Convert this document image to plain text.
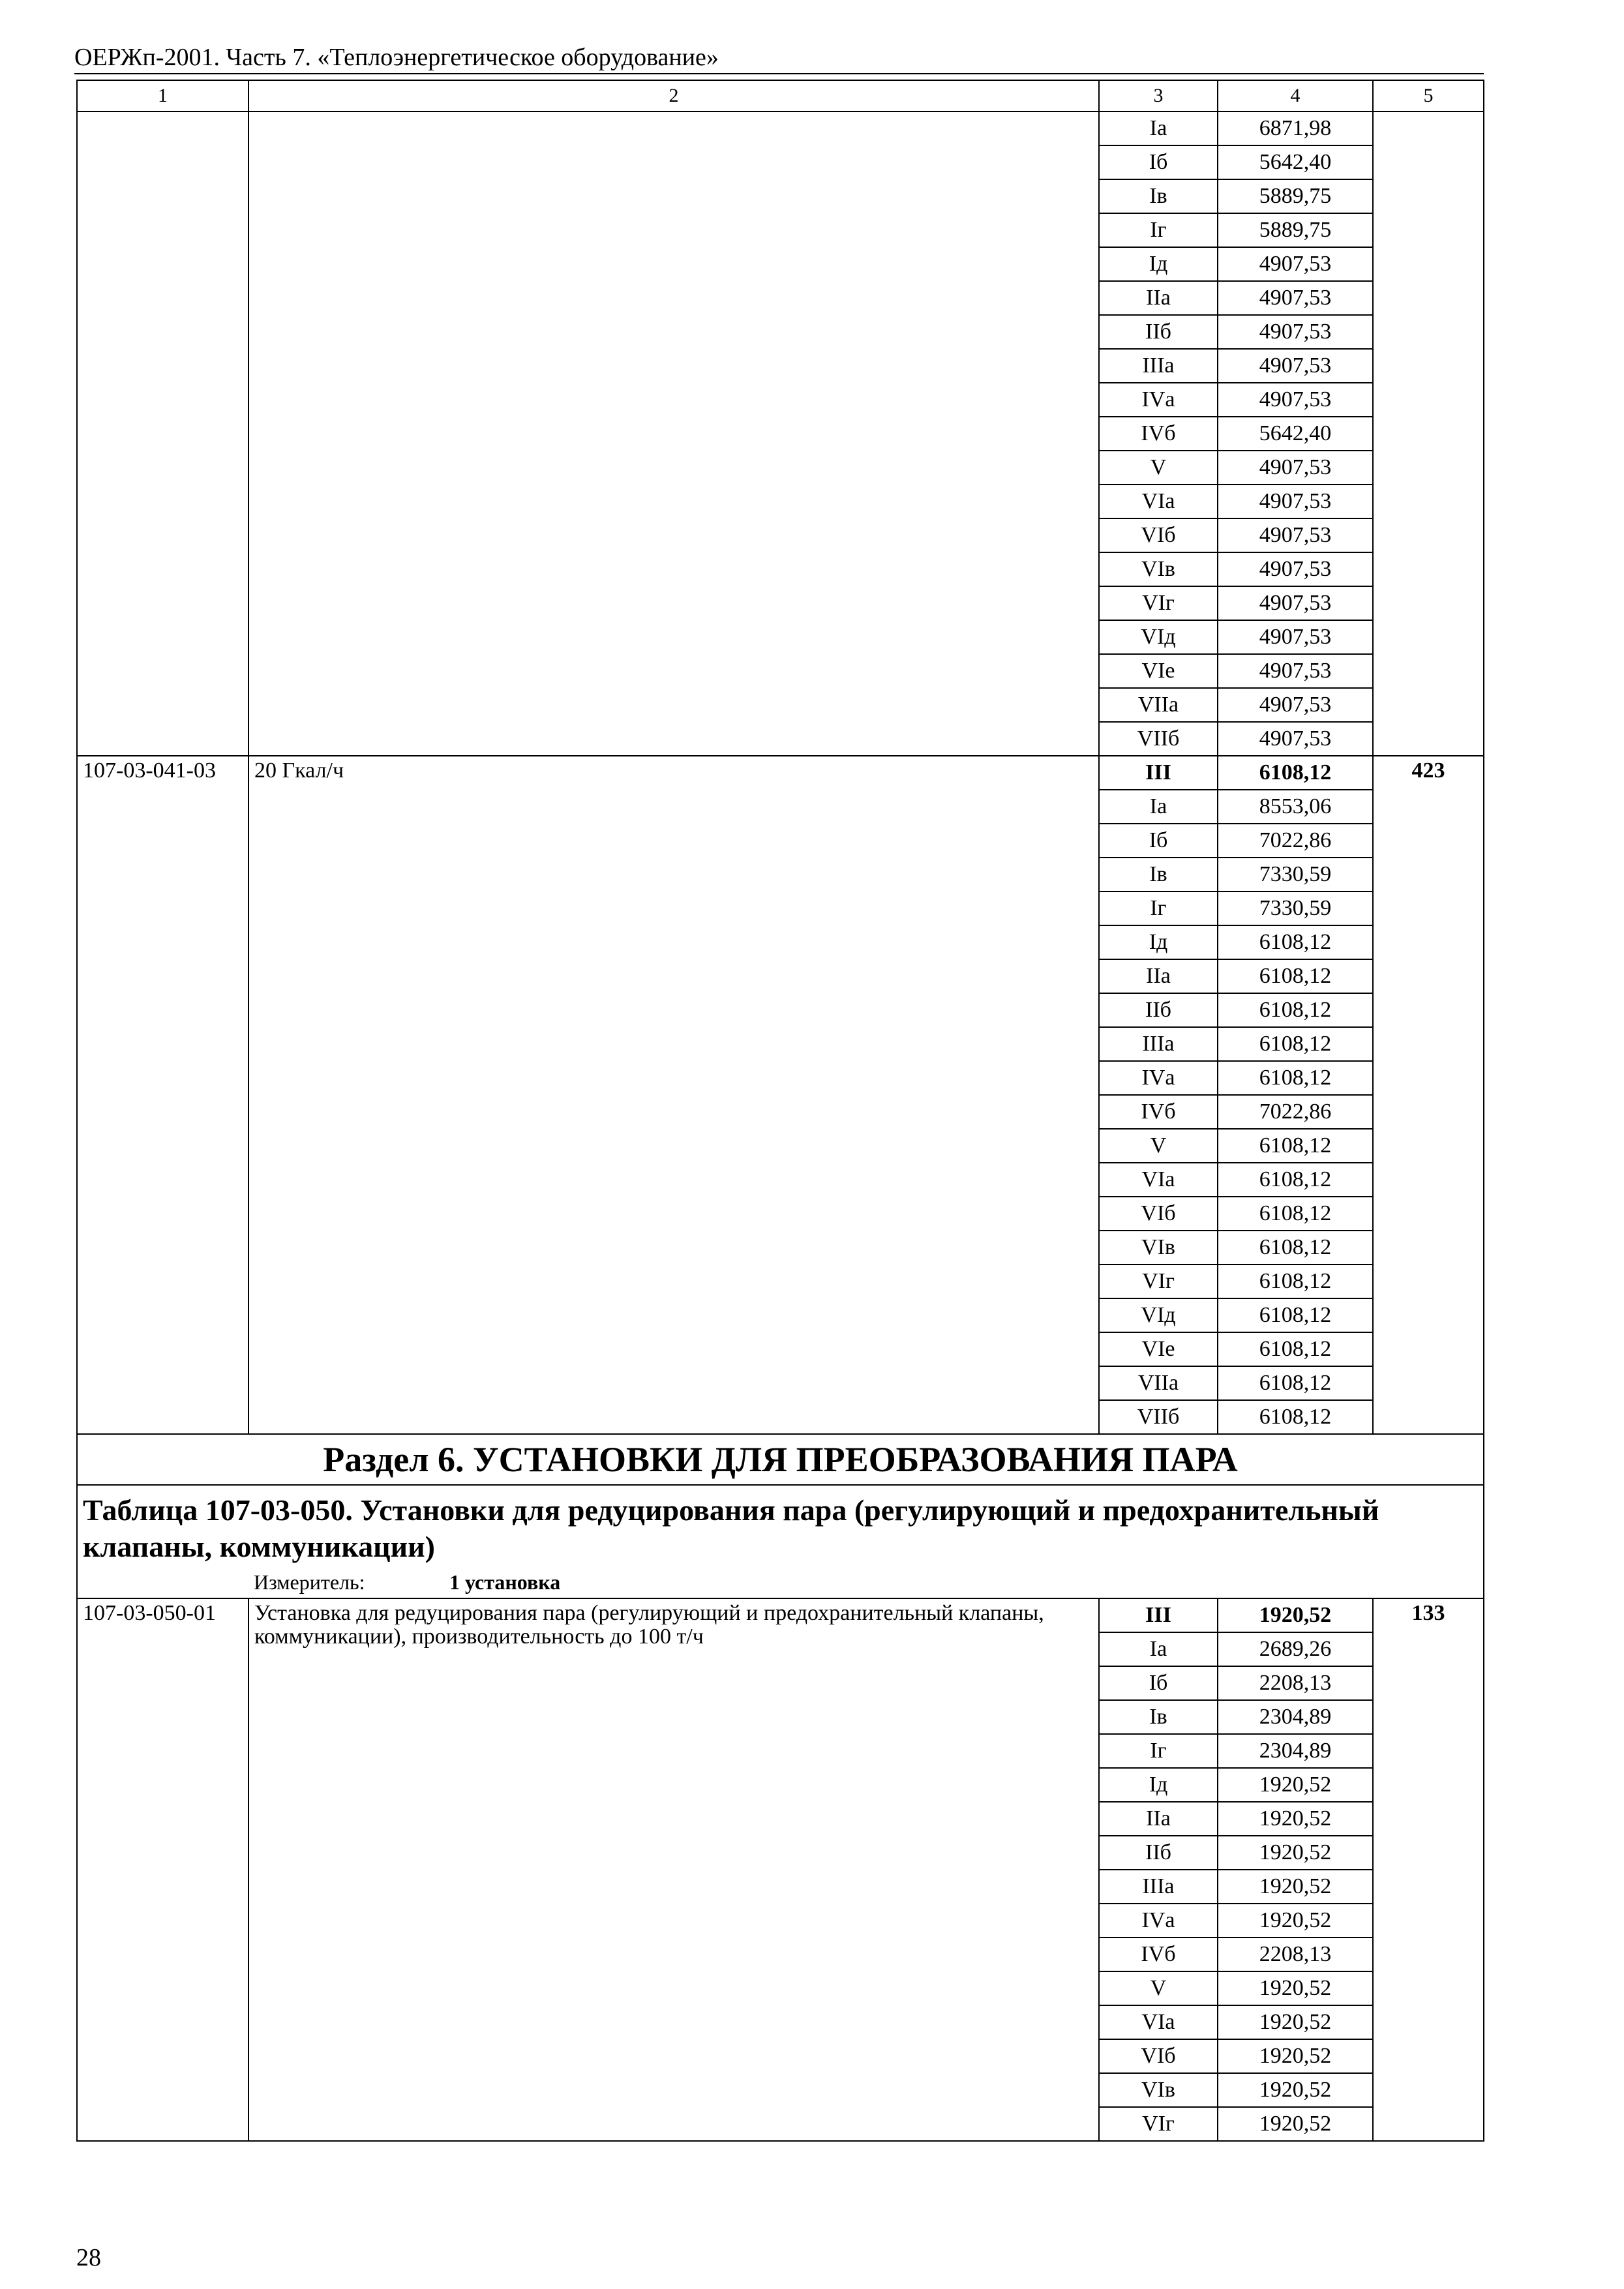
ОЕРЖп-2001. Часть 7. «Теплоэнергетическое оборудование»
1	2	3	4	5
		Iа	6871,98	
		Iб	5642,40	
		Iв	5889,75	
		Iг	5889,75	
		Iд	4907,53	
		IIа	4907,53	
		IIб	4907,53	
		IIIа	4907,53	
		IVа	4907,53	
		IVб	5642,40	
		V	4907,53	
		VIа	4907,53	
		VIб	4907,53	
		VIв	4907,53	
		VIг	4907,53	
		VIд	4907,53	
		VIе	4907,53	
		VIIа	4907,53	
		VIIб	4907,53	
107-03-041-03	20 Гкал/ч	III	6108,12	423
		Iа	8553,06	
		Iб	7022,86	
		Iв	7330,59	
		Iг	7330,59	
		Iд	6108,12	
		IIа	6108,12	
		IIб	6108,12	
		IIIа	6108,12	
		IVа	6108,12	
		IVб	7022,86	
		V	6108,12	
		VIа	6108,12	
		VIб	6108,12	
		VIв	6108,12	
		VIг	6108,12	
		VIд	6108,12	
		VIе	6108,12	
		VIIа	6108,12	
		VIIб	6108,12	
Раздел 6. УСТАНОВКИ ДЛЯ ПРЕОБРАЗОВАНИЯ ПАРА				

Таблица 107-03-050. Установки для редуцирования пара (регулирующий и предохранительный клапаны, коммуникации)
Измеритель: 1 установка				

107-03-050-01	Установка для редуцирования пара (регулирующий и предохранительный клапаны, коммуникации), производительность до 100 т/ч	III	1920,52	133
		Iа	2689,26	
		Iб	2208,13	
		Iв	2304,89	
		Iг	2304,89	
		Iд	1920,52	
		IIа	1920,52	
		IIб	1920,52	
		IIIа	1920,52	
		IVа	1920,52	
		IVб	2208,13	
		V	1920,52	
		VIа	1920,52	
		VIб	1920,52	
		VIв	1920,52	
		VIг	1920,52	
28
